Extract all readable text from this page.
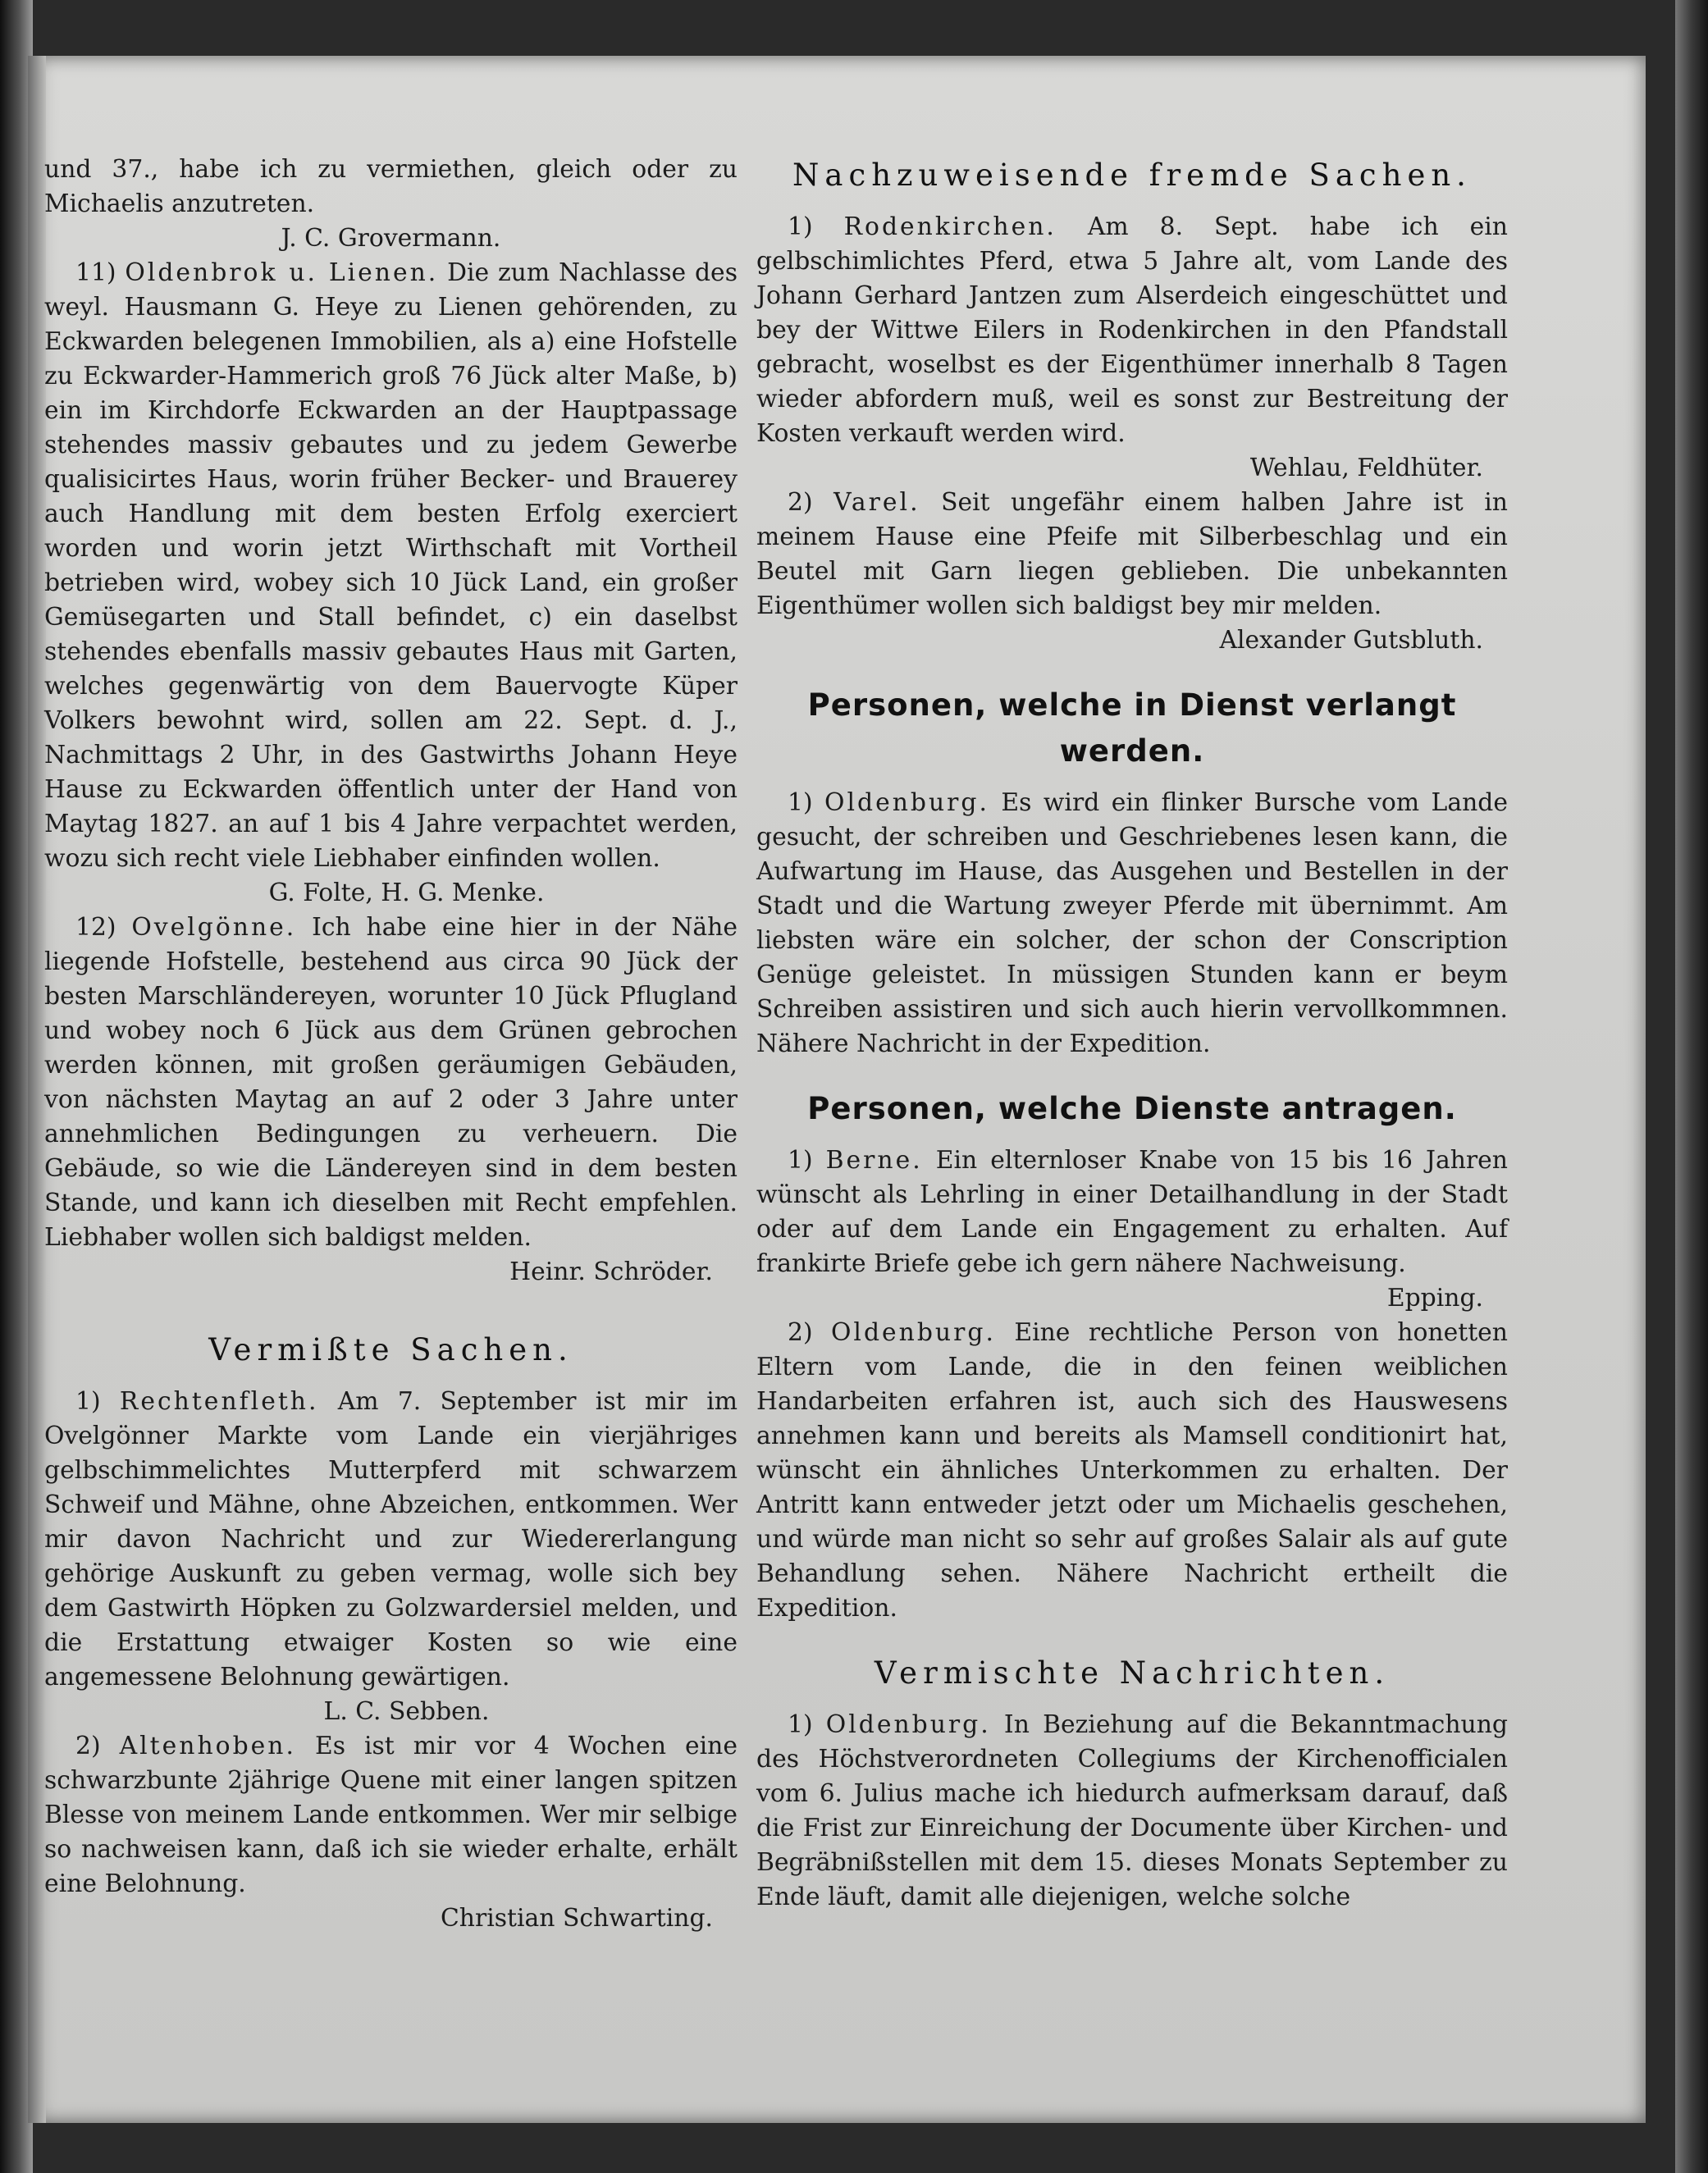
und 37., habe ich zu vermiethen, gleich oder zu Michaelis anzutreten.
J. C. Grovermann.

11) Oldenbrok u. Lienen. Die zum Nachlasse des weyl. Hausmann G. Heye zu Lienen gehörenden, zu Eckwarden belegenen Immobilien, als a) eine Hofstelle zu Eckwarder-Hammerich groß 76 Jück alter Maße, b) ein im Kirchdorfe Eckwarden an der Hauptpassage stehendes massiv gebautes und zu jedem Gewerbe qualisicirtes Haus, worin früher Becker- und Brauerey auch Handlung mit dem besten Erfolg exerciert worden und worin jetzt Wirthschaft mit Vortheil betrieben wird, wobey sich 10 Jück Land, ein großer Gemüsegarten und Stall befindet, c) ein daselbst stehendes ebenfalls massiv gebautes Haus mit Garten, welches gegenwärtig von dem Bauervogte Küper Volkers bewohnt wird, sollen am 22. Sept. d. J., Nachmittags 2 Uhr, in des Gastwirths Johann Heye Hause zu Eckwarden öffentlich unter der Hand von Maytag 1827. an auf 1 bis 4 Jahre verpachtet werden, wozu sich recht viele Liebhaber einfinden wollen.
G. Folte, H. G. Menke.

12) Ovelgönne. Ich habe eine hier in der Nähe liegende Hofstelle, bestehend aus circa 90 Jück der besten Marschländereyen, worunter 10 Jück Pflugland und wobey noch 6 Jück aus dem Grünen gebrochen werden können, mit großen geräumigen Gebäuden, von nächsten Maytag an auf 2 oder 3 Jahre unter annehmlichen Bedingungen zu verheuern. Die Gebäude, so wie die Ländereyen sind in dem besten Stande, und kann ich dieselben mit Recht empfehlen. Liebhaber wollen sich baldigst melden.
Heinr. Schröder.

Vermißte Sachen.

1) Rechtenfleth. Am 7. September ist mir im Ovelgönner Markte vom Lande ein vierjähriges gelbschimmelichtes Mutterpferd mit schwarzem Schweif und Mähne, ohne Abzeichen, entkommen. Wer mir davon Nachricht und zur Wiedererlangung gehörige Auskunft zu geben vermag, wolle sich bey dem Gastwirth Höpken zu Golzwardersiel melden, und die Erstattung etwaiger Kosten so wie eine angemessene Belohnung gewärtigen.
L. C. Sebben.

2) Altenhoben. Es ist mir vor 4 Wochen eine schwarzbunte 2jährige Quene mit einer langen spitzen Blesse von meinem Lande entkommen. Wer mir selbige so nachweisen kann, daß ich sie wieder erhalte, erhält eine Belohnung.
Christian Schwarting.

Nachzuweisende fremde Sachen.

1) Rodenkirchen. Am 8. Sept. habe ich ein gelbschimlichtes Pferd, etwa 5 Jahre alt, vom Lande des Johann Gerhard Jantzen zum Alserdeich eingeschüttet und bey der Wittwe Eilers in Rodenkirchen in den Pfandstall gebracht, woselbst es der Eigenthümer innerhalb 8 Tagen wieder abfordern muß, weil es sonst zur Bestreitung der Kosten verkauft werden wird.
Wehlau, Feldhüter.

2) Varel. Seit ungefähr einem halben Jahre ist in meinem Hause eine Pfeife mit Silberbeschlag und ein Beutel mit Garn liegen geblieben. Die unbekannten Eigenthümer wollen sich baldigst bey mir melden.
Alexander Gutsbluth.

Personen, welche in Dienst verlangt werden.

1) Oldenburg. Es wird ein flinker Bursche vom Lande gesucht, der schreiben und Geschriebenes lesen kann, die Aufwartung im Hause, das Ausgehen und Bestellen in der Stadt und die Wartung zweyer Pferde mit übernimmt. Am liebsten wäre ein solcher, der schon der Conscription Genüge geleistet. In müssigen Stunden kann er beym Schreiben assistiren und sich auch hierin vervollkommnen. Nähere Nachricht in der Expedition.

Personen, welche Dienste antragen.

1) Berne. Ein elternloser Knabe von 15 bis 16 Jahren wünscht als Lehrling in einer Detailhandlung in der Stadt oder auf dem Lande ein Engagement zu erhalten. Auf frankirte Briefe gebe ich gern nähere Nachweisung.
Epping.

2) Oldenburg. Eine rechtliche Person von honetten Eltern vom Lande, die in den feinen weiblichen Handarbeiten erfahren ist, auch sich des Hauswesens annehmen kann und bereits als Mamsell conditionirt hat, wünscht ein ähnliches Unterkommen zu erhalten. Der Antritt kann entweder jetzt oder um Michaelis geschehen, und würde man nicht so sehr auf großes Salair als auf gute Behandlung sehen. Nähere Nachricht ertheilt die Expedition.

Vermischte Nachrichten.

1) Oldenburg. In Beziehung auf die Bekanntmachung des Höchstverordneten Collegiums der Kirchenofficialen vom 6. Julius mache ich hiedurch aufmerksam darauf, daß die Frist zur Einreichung der Documente über Kirchen- und Begräbnißstellen mit dem 15. dieses Monats September zu Ende läuft, damit alle diejenigen, welche solche
